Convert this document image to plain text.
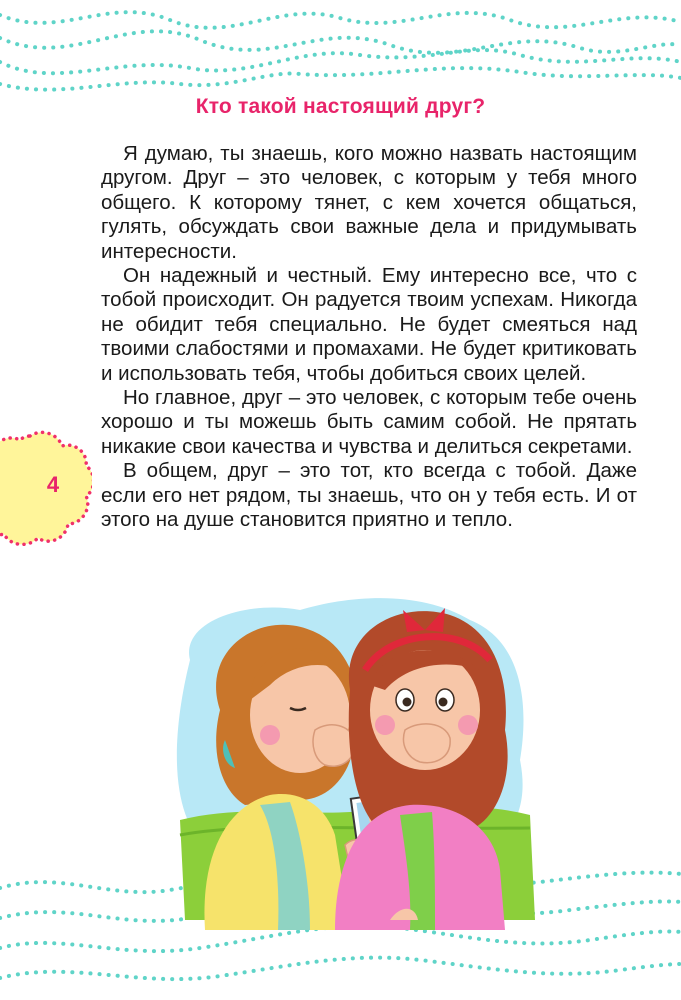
Кто такой настоящий друг?

Я думаю, ты знаешь, кого можно назвать настоящим другом. Друг – это человек, с которым у тебя много общего. К которому тянет, с кем хочется общаться, гулять, обсуждать свои важные дела и придумывать интересности.

Он надежный и честный. Ему интересно все, что с тобой происходит. Он радуется твоим успехам. Никогда не обидит тебя специально. Не будет смеяться над твоими слабостями и промахами. Не будет критиковать и использовать тебя, чтобы добиться своих целей.

Но главное, друг – это человек, с которым тебе очень хорошо и ты можешь быть самим собой. Не прятать никакие свои качества и чувства и делиться секретами.

В общем, друг – это тот, кто всегда с тобой. Даже если его нет рядом, ты знаешь, что он у тебя есть. И от этого на душе становится приятно и тепло.

4
